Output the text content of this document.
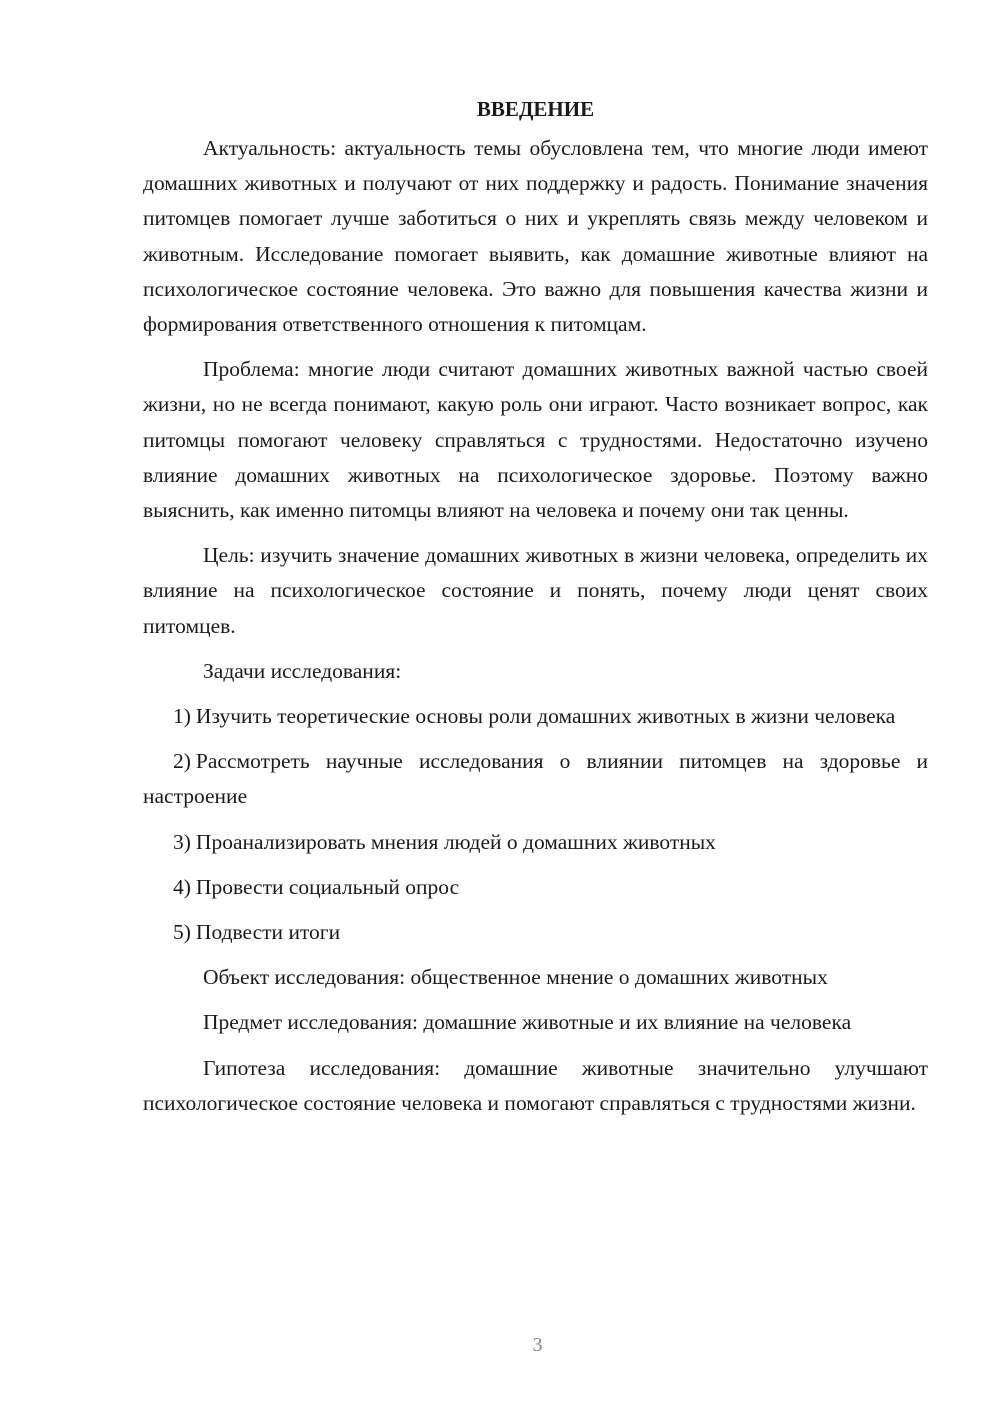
ВВЕДЕНИЕ

Актуальность: актуальность темы обусловлена тем, что многие люди имеют домашних животных и получают от них поддержку и радость. Понимание значения питомцев помогает лучше заботиться о них и укреплять связь между человеком и животным. Исследование помогает выявить, как домашние животные влияют на психологическое состояние человека. Это важно для повышения качества жизни и формирования ответственного отношения к питомцам.

Проблема: многие люди считают домашних животных важной частью своей жизни, но не всегда понимают, какую роль они играют. Часто возникает вопрос, как питомцы помогают человеку справляться с трудностями. Недостаточно изучено влияние домашних животных на психологическое здоровье. Поэтому важно выяснить, как именно питомцы влияют на человека и почему они так ценны.

Цель: изучить значение домашних животных в жизни человека, определить их влияние на психологическое состояние и понять, почему люди ценят своих питомцев.

Задачи исследования:

1) Изучить теоретические основы роли домашних животных в жизни человека

2) Рассмотреть научные исследования о влиянии питомцев на здоровье и настроение

3) Проанализировать мнения людей о домашних животных

4) Провести социальный опрос

5) Подвести итоги

Объект исследования: общественное мнение о домашних животных

Предмет исследования: домашние животные и их влияние на человека

Гипотеза исследования: домашние животные значительно улучшают психологическое состояние человека и помогают справляться с трудностями жизни.

3
